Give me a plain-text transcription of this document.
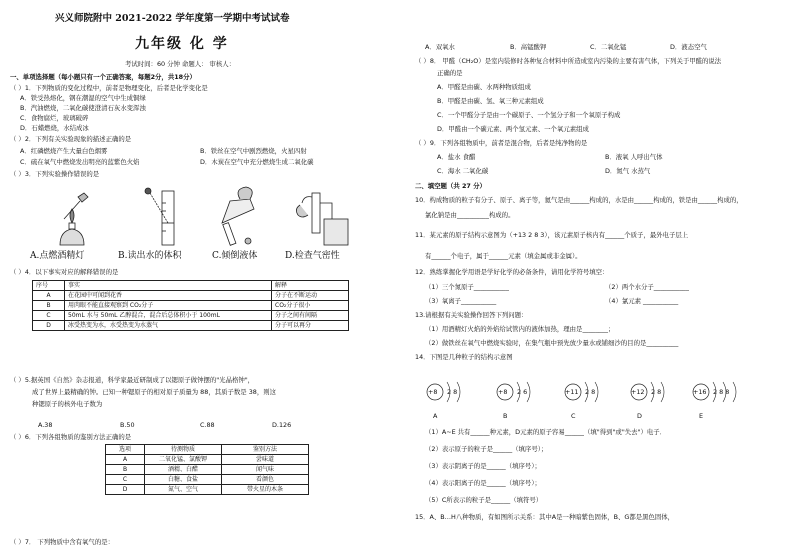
兴义师院附中 2021-2022 学年度第一学期中考试试卷
九年级 化 学
考试时间：60 分钟 命题人： 审核人：
一、单项选择题（每小题只有一个正确答案，每题2分，共18分）
（ ）1．下列物质的变化过程中，前者是物理变化，后者是化学变化是
A．铁受热熔化，钢在潮湿的空气中生成铜绿
B．汽油燃烧，二氧化碳使澄清石灰水变浑浊
C．食物腐烂，玻璃破碎
D．石蜡燃烧，水结成冰
（ ）2．下列有关实验现象的描述正确的是
A．红磷燃烧产生大量白色烟雾	B．铁丝在空气中剧烈燃烧，火星四射
C．硫在氧气中燃烧发出明亮的蓝紫色火焰	D．木炭在空气中充分燃烧生成二氧化碳
（ ）3．下列实验操作错误的是
A.点燃酒精灯	B.读出水的体积	C.倾倒液体	D.检查气密性
（ ）4．以下事实对应的解释错误的是
序号	事实	解释
A	在花园中可闻到花香	分子在不断运动
B	用肉眼不能直接观察到 CO₂分子	CO₂分子很小
C	50mL 水与 50mL 乙醇混合，混合后总体积小于 100mL	分子之间有间隔
D	冰受热变为水，水受热变为水蒸气	分子可以再分
（ ）5.据英国《自然》杂志报道，科学家最近研制成了以锶原子做钟摆的"光晶格钟"，
成了世界上最精确的钟。已知一种锶原子的相对原子质量为 88，其质子数是 38，则这
种锶原子的核外电子数为
A.38	B.50	C.88	D.126
（ ）6．下列各组物质的鉴别方法正确的是
选项	待测物质	鉴别方法
A	二氧化锰、氯酸钾	尝味道
B	酒精、白醋	闻气味
C	白糖、食盐	看颜色
D	氮气、空气	带火星的木条
（ ）7． 下列物质中含有氧气的是：
A．双氧水	B．高锰酸钾	C．二氧化锰	D．液态空气
（ ）8． 甲醛（CH₂O）是室内装修时各种复合材料中所造成室内污染的主要有害气体，下列关于甲醛的说法
正确的是
A．甲醛是由碳、水两种物质组成
B．甲醛是由碳、氢、氧三种元素组成
C．一个甲醛分子是由一个碳原子、一个氢分子和一个氧原子构成
D．甲醛由一个碳元素、两个氢元素、一个氧元素组成
（ ）9．下列各组物质中，前者是混合物，后者是纯净物的是
A．盐水 食醋	B．液氧 人呼出气体
C．海水 二氧化碳	D．氮气 水蒸气
二、填空题（共 27 分）
10．构成物质的粒子有分子、原子、离子等，氦气是由______构成的，水是由______构成的，铁是由______构成的，
氯化钠是由__________构成的。
11．某元素的原子结构示意图为（+13 2 8 3），该元素原子核内有______个质子，最外电子层上
有______个电子，属于______元素（填金属或非金属）。
12．熟练掌握化学用语是学好化学的必备条件，请用化学符号填空：
（1）三个氮原子___________	（2）两个水分子___________
（3）氧离子___________	（4）氯元素 ___________
13.请根据有关实验操作回答下列问题：
（1）用酒精灯火焰的外焰给试管内的液体加热，理由是________；
（2）做铁丝在氧气中燃烧实验时，在集气瓶中预先放少量水或铺细沙的目的是__________
14．下图是几种粒子的结构示意图
+8 2 8
A
+8 2 6
B
+11 2 8
C
+12 2 8
D
+16 2 8 8
E
（1）A~E 共有______种元素，D元素的原子容易______（填"得到"或"失去"）电子．
（2）表示原子的粒子是______（填序号）；
（3）表示阴离子的是______（填序号）；
（4）表示阳离子的是______（填序号）；
（5）C所表示的粒子是______（填符号）
15．A、B…H八种物质，有如图所示关系：其中A是一种暗紫色固体，B、G都是黑色固体，
